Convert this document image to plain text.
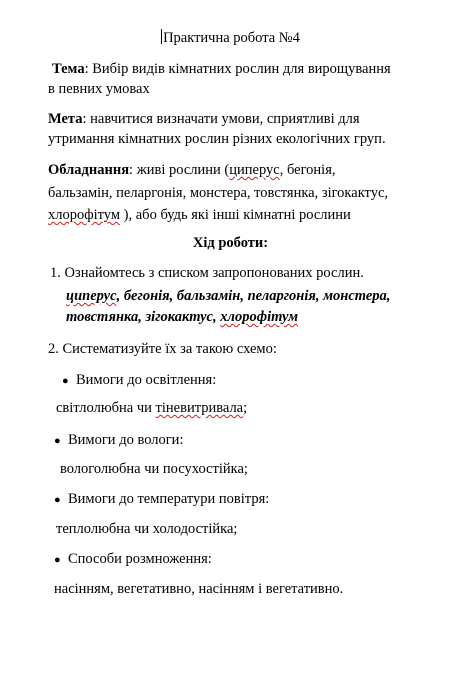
Практична робота №4
Тема: Вибір видів кімнатних рослин для вирощування
в певних умовах
Мета: навчитися визначати умови, сприятливі для
утримання кімнатних рослин різних екологічних груп.
Обладнання: живі рослини (циперус, бегонія,
бальзамін, пеларгонія, монстера, товстянка, зігокактус,
хлорофітум ), або будь які інші кімнатні рослини
Хід роботи:
1. Ознайомтесь з списком запропонованих рослин.
циперус, бегонія, бальзамін, пеларгонія, монстера,
товстянка, зігокактус, хлорофітум
2. Систематизуйте їх за такою схемо:
● Вимоги до освітлення:
світлолюбна чи тіневитривала;
● Вимоги до вологи:
вологолюбна чи посухостійка;
● Вимоги до температури повітря:
теплолюбна чи холодостійка;
● Способи розмноження:
насінням, вегетативно, насінням і вегетативно.
